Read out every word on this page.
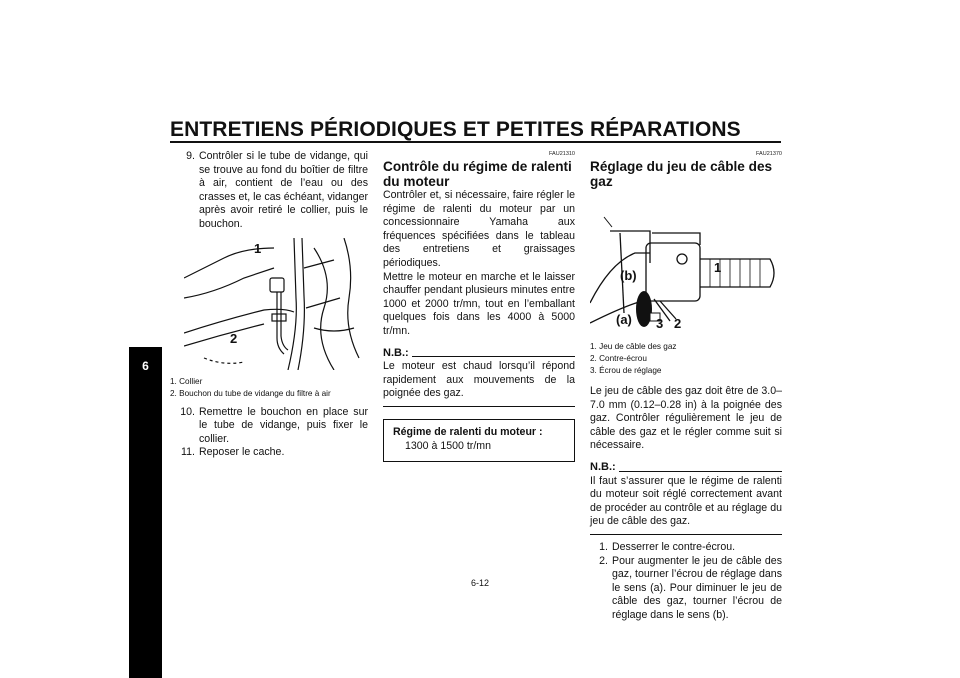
ENTRETIENS PÉRIODIQUES ET PETITES RÉPARATIONS
6
9. Contrôler si le tube de vidange, qui se trouve au fond du boîtier de filtre à air, contient de l’eau ou des crasses et, le cas échéant, vidanger après avoir retiré le collier, puis le bouchon.
1
2
1. Collier
2. Bouchon du tube de vidange du filtre à air
10. Remettre le bouchon en place sur le tube de vidange, puis fixer le collier.
11. Reposer le cache.
FAU21310
Contrôle du régime de ralenti du moteur
Contrôler et, si nécessaire, faire régler le régime de ralenti du moteur par un concessionnaire Yamaha aux fréquences spécifiées dans le tableau des entretiens et graissages périodiques.
Mettre le moteur en marche et le laisser chauffer pendant plusieurs minutes entre 1000 et 2000 tr/mn, tout en l’emballant quelques fois dans les 4000 à 5000 tr/mn.
N.B.:
Le moteur est chaud lorsqu’il répond rapidement aux mouvements de la poignée des gaz.
Régime de ralenti du moteur :
1300 à 1500 tr/mn
FAU21370
Réglage du jeu de câble des gaz
(b)
1
(a) 3 2
1. Jeu de câble des gaz
2. Contre-écrou
3. Écrou de réglage
Le jeu de câble des gaz doit être de 3.0–7.0 mm (0.12–0.28 in) à la poignée des gaz. Contrôler régulièrement le jeu de câble des gaz et le régler comme suit si nécessaire.
N.B.:
Il faut s’assurer que le régime de ralenti du moteur soit réglé correctement avant de procéder au contrôle et au réglage du jeu de câble des gaz.
1. Desserrer le contre-écrou.
2. Pour augmenter le jeu de câble des gaz, tourner l’écrou de réglage dans le sens (a). Pour diminuer le jeu de câble des gaz, tourner l’écrou de réglage dans le sens (b).
6-12
